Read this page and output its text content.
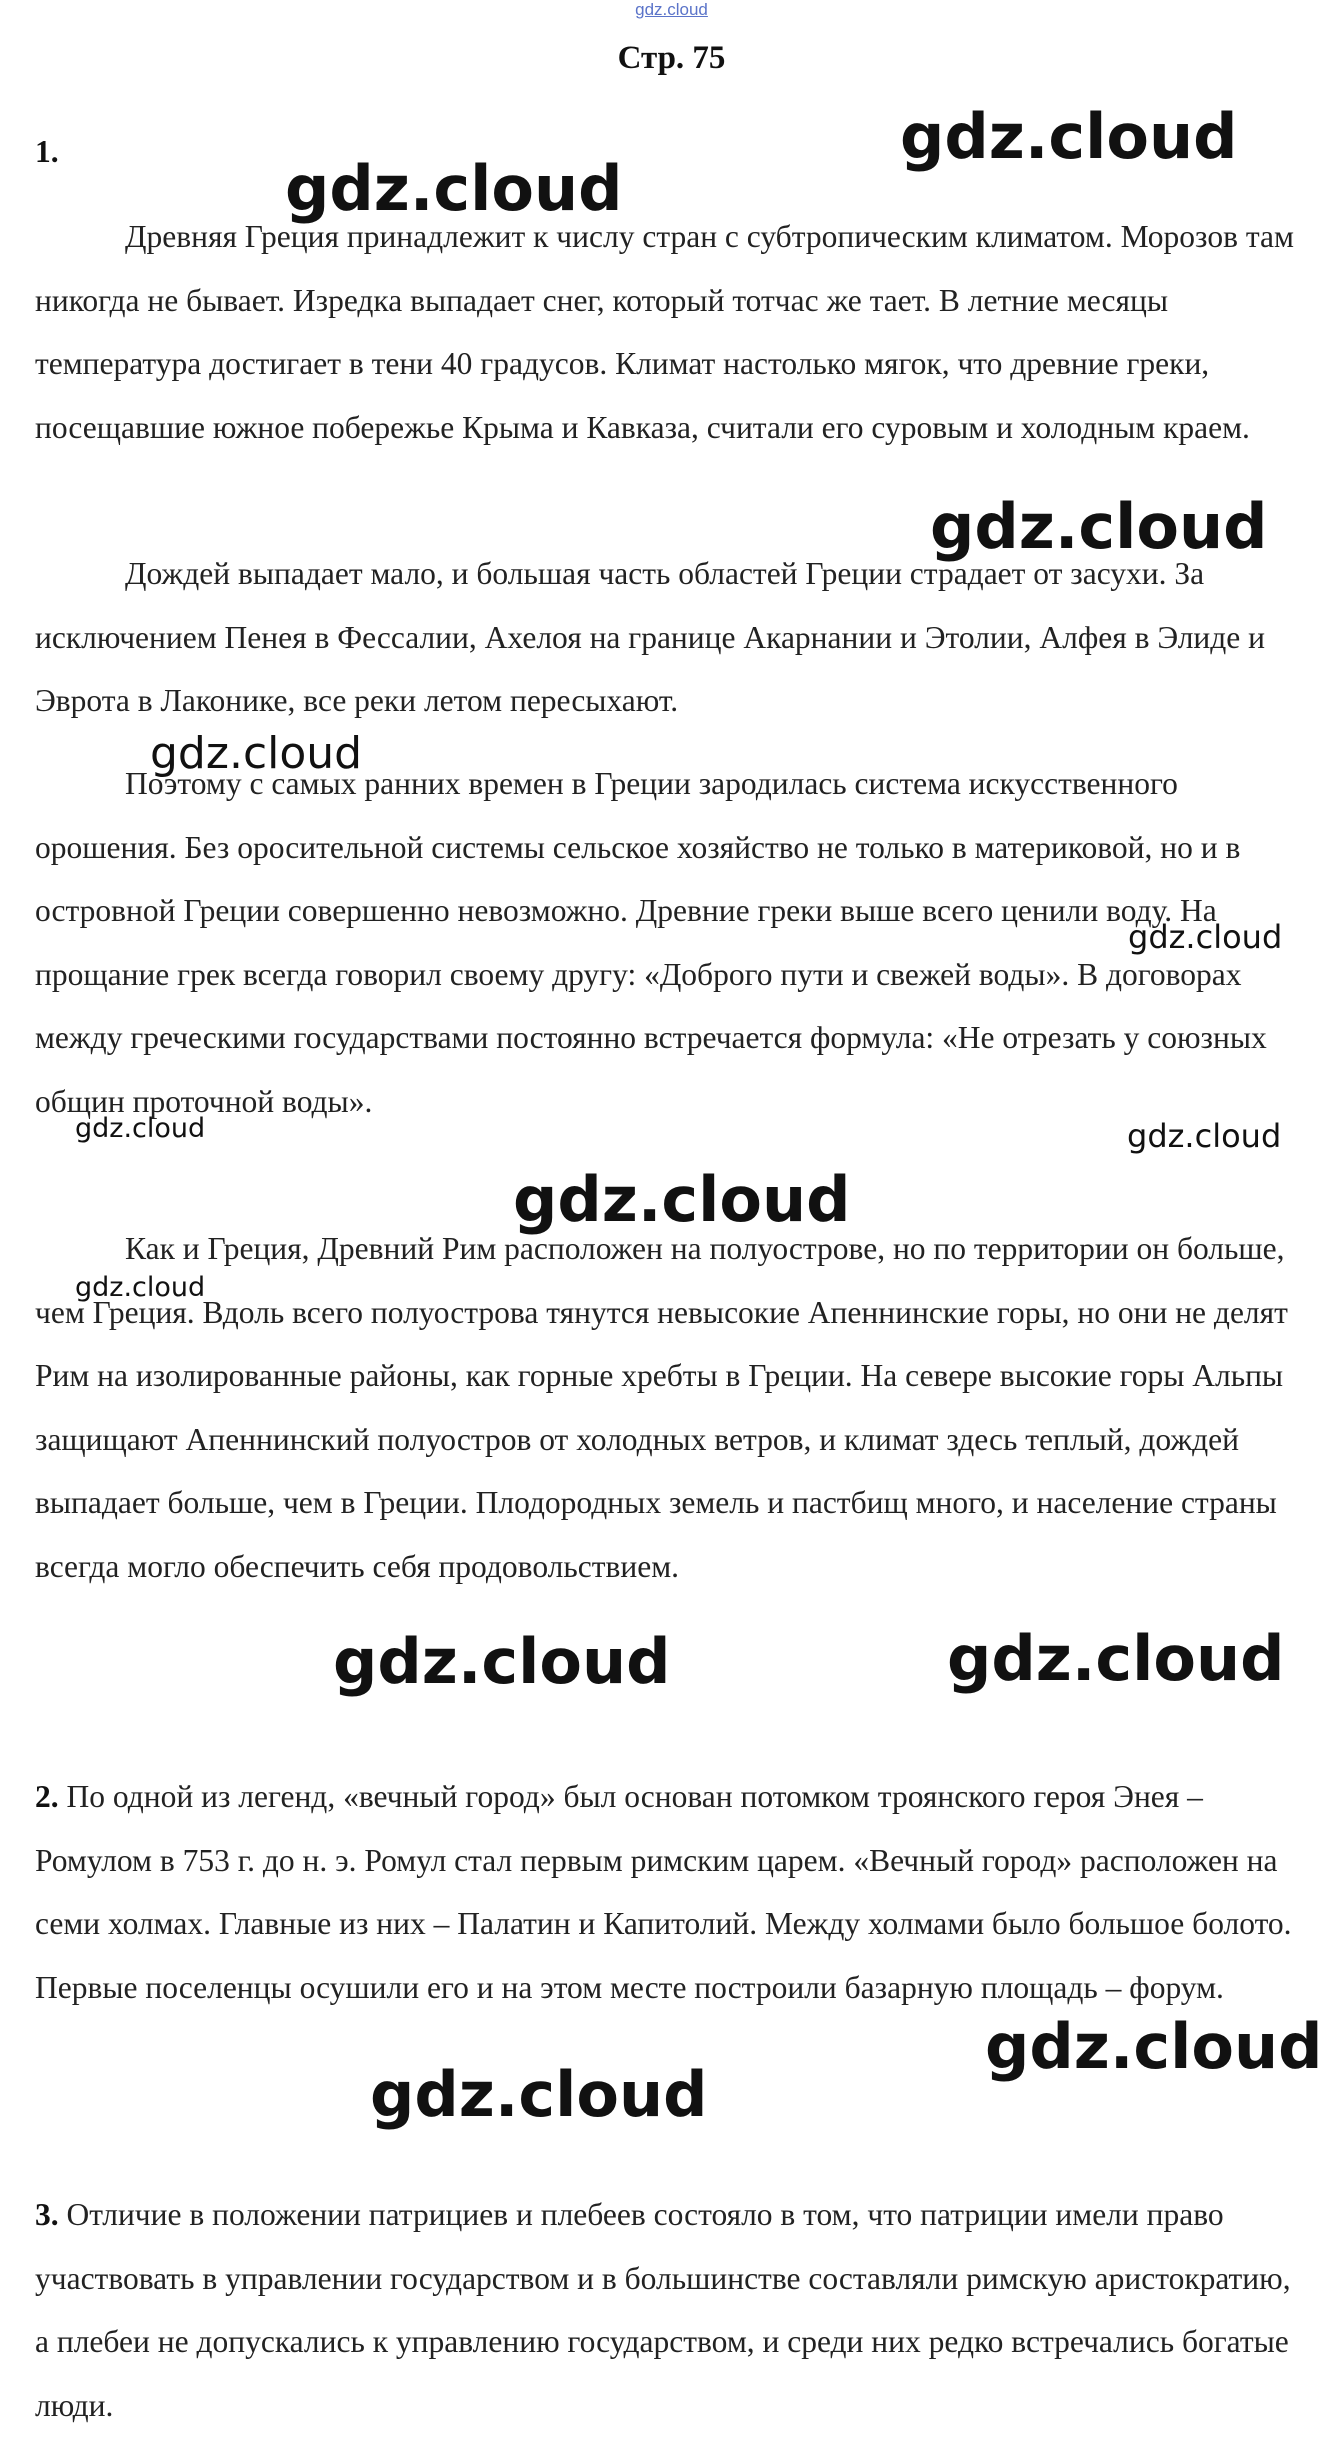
gdz.cloud
Стр. 75
1.

Древняя Греция принадлежит к числу стран с субтропическим климатом. Морозов там никогда не бывает. Изредка выпадает снег, который тотчас же тает. В летние месяцы температура достигает в тени 40 градусов. Климат настолько мягок, что древние греки, посещавшие южное побережье Крыма и Кавказа, считали его суровым и холодным краем.

Дождей выпадает мало, и большая часть областей Греции страдает от засухи. За исключением Пенея в Фессалии, Ахелоя на границе Акарнании и Этолии, Алфея в Элиде и Эврота в Лаконике, все реки летом пересыхают.

Поэтому с самых ранних времен в Греции зародилась система искусственного орошения. Без оросительной системы сельское хозяйство не только в материковой, но и в островной Греции совершенно невозможно. Древние греки выше всего ценили воду. На прощание грек всегда говорил своему другу: «Доброго пути и свежей воды». В договорах между греческими государствами постоянно встречается формула: «Не отрезать у союзных общин проточной воды».

Как и Греция, Древний Рим расположен на полуострове, но по территории он больше, чем Греция. Вдоль всего полуострова тянутся невысокие Апеннинские горы, но они не делят Рим на изолированные районы, как горные хребты в Греции. На севере высокие горы Альпы защищают Апеннинский полуостров от холодных ветров, и климат здесь теплый, дождей выпадает больше, чем в Греции. Плодородных земель и пастбищ много, и население страны всегда могло обеспечить себя продовольствием.

2. По одной из легенд, «вечный город» был основан потомком троянского героя Энея – Ромулом в 753 г. до н. э. Ромул стал первым римским царем. «Вечный город» расположен на семи холмах. Главные из них – Палатин и Капитолий. Между холмами было большое болото. Первые поселенцы осушили его и на этом месте построили базарную площадь – форум.

3. Отличие в положении патрициев и плебеев состояло в том, что патриции имели право участвовать в управлении государством и в большинстве составляли римскую аристократию, а плебеи не допускались к управлению государством, и среди них редко встречались богатые люди.

gdz.cloud
gdz.cloud
gdz.cloud
gdz.cloud
gdz.cloud
gdz.cloud	gdz.cloud
gdz.cloud
gdz.cloud
gdz.cloud	gdz.cloud
gdz.cloud
gdz.cloud
